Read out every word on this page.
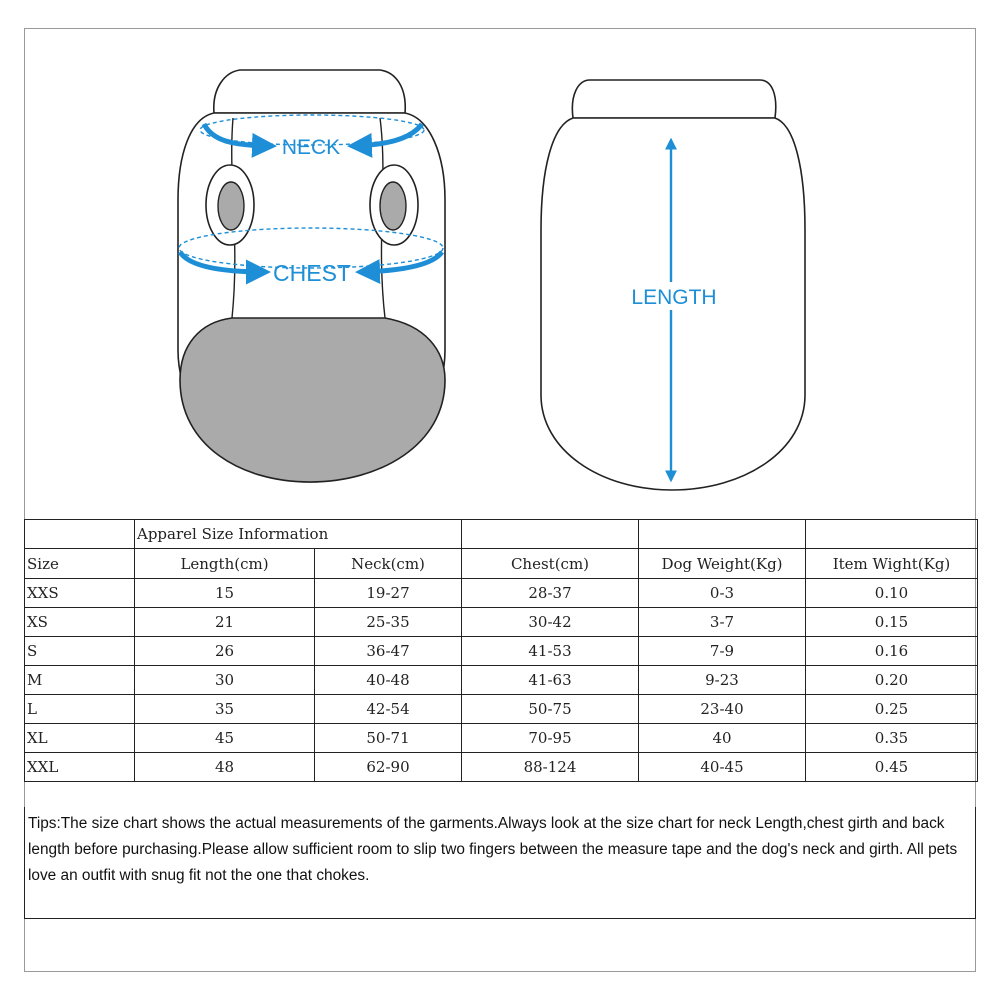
NECK
CHEST
LENGTH
	Apparel Size Information				
Size	Length(cm)	Neck(cm)	Chest(cm)	Dog Weight(Kg)	Item Wight(Kg)
XXS	15	19-27	28-37	0-3	0.10
XS	21	25-35	30-42	3-7	0.15
S	26	36-47	41-53	7-9	0.16
M	30	40-48	41-63	9-23	0.20
L	35	42-54	50-75	23-40	0.25
XL	45	50-71	70-95	40	0.35
XXL	48	62-90	88-124	40-45	0.45
Tips:The size chart shows the actual measurements of the garments.Always look at the size chart for neck Length,chest girth and back length before purchasing.Please allow sufficient room to slip two fingers between the measure tape and the dog's neck and girth. All pets love an outfit with snug fit not the one that chokes.
